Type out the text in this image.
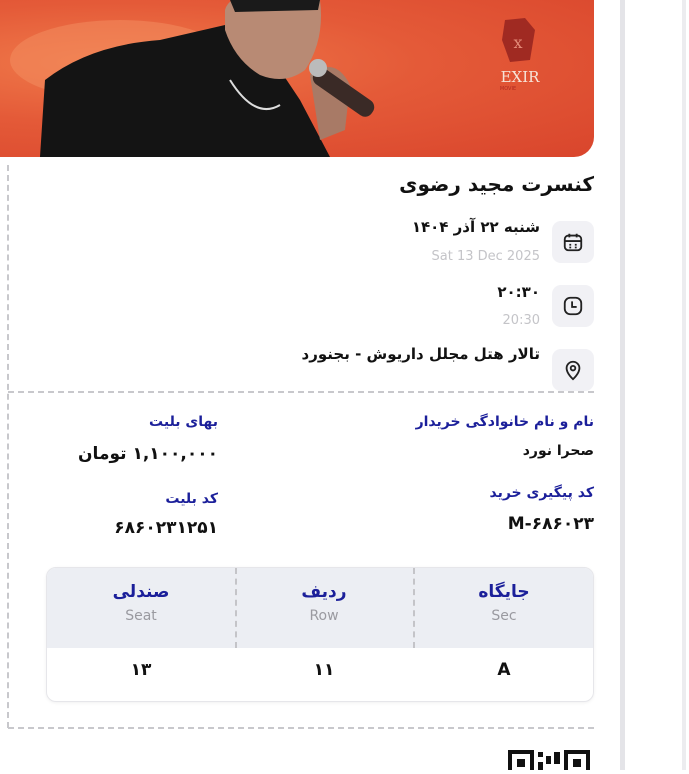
x
EXIR
MOVIE
کنسرت مجید رضوی
شنبه ۲۲ آذر ۱۴۰۴
Sat 13 Dec 2025
۲۰:۳۰
20:30
تالار هتل مجلل داریوش - بجنورد
نام و نام خانوادگی خریدار
صحرا نورد
بهای بلیت
۱,۱۰۰,۰۰۰ تومان
کد پیگیری خرید
M-۶۸۶۰۲۳
کد بلیت
۶۸۶۰۲۳۱۲۵۱
جایگاه
Sec
A
ردیف
Row
۱۱
صندلی
Seat
۱۳
